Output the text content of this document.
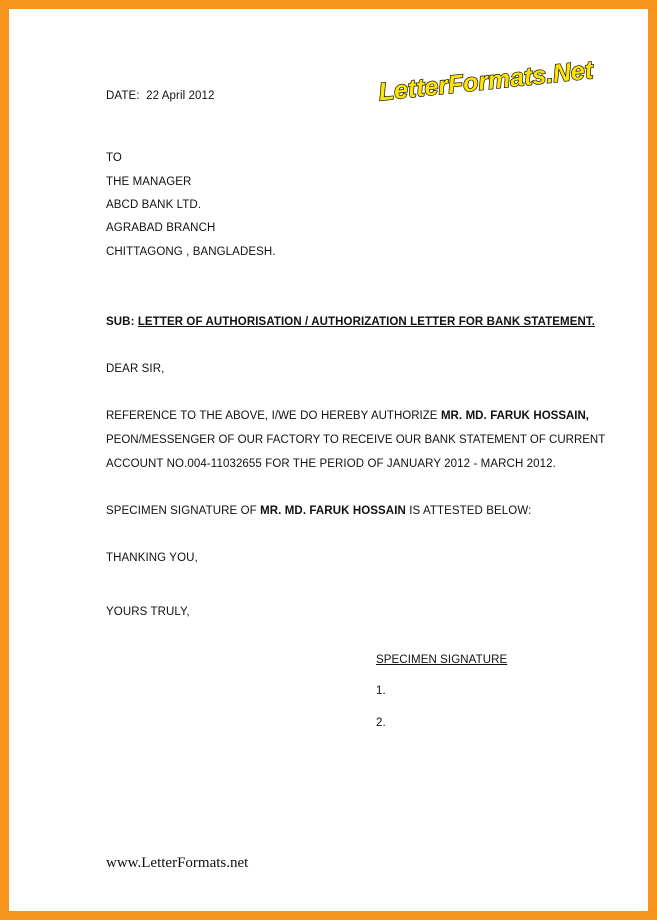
LetterFormats.Net
DATE: 22 April 2012
TO
THE MANAGER
ABCD BANK LTD.
AGRABAD BRANCH
CHITTAGONG , BANGLADESH.
SUB: LETTER OF AUTHORISATION / AUTHORIZATION LETTER FOR BANK STATEMENT.
DEAR SIR,
REFERENCE TO THE ABOVE, I/WE DO HEREBY AUTHORIZE MR. MD. FARUK HOSSAIN,
PEON/MESSENGER OF OUR FACTORY TO RECEIVE OUR BANK STATEMENT OF CURRENT
ACCOUNT NO.004-11032655 FOR THE PERIOD OF JANUARY 2012 - MARCH 2012.
SPECIMEN SIGNATURE OF MR. MD. FARUK HOSSAIN IS ATTESTED BELOW:
THANKING YOU,
YOURS TRULY,
SPECIMEN SIGNATURE
1.
2.
www.LetterFormats.net
